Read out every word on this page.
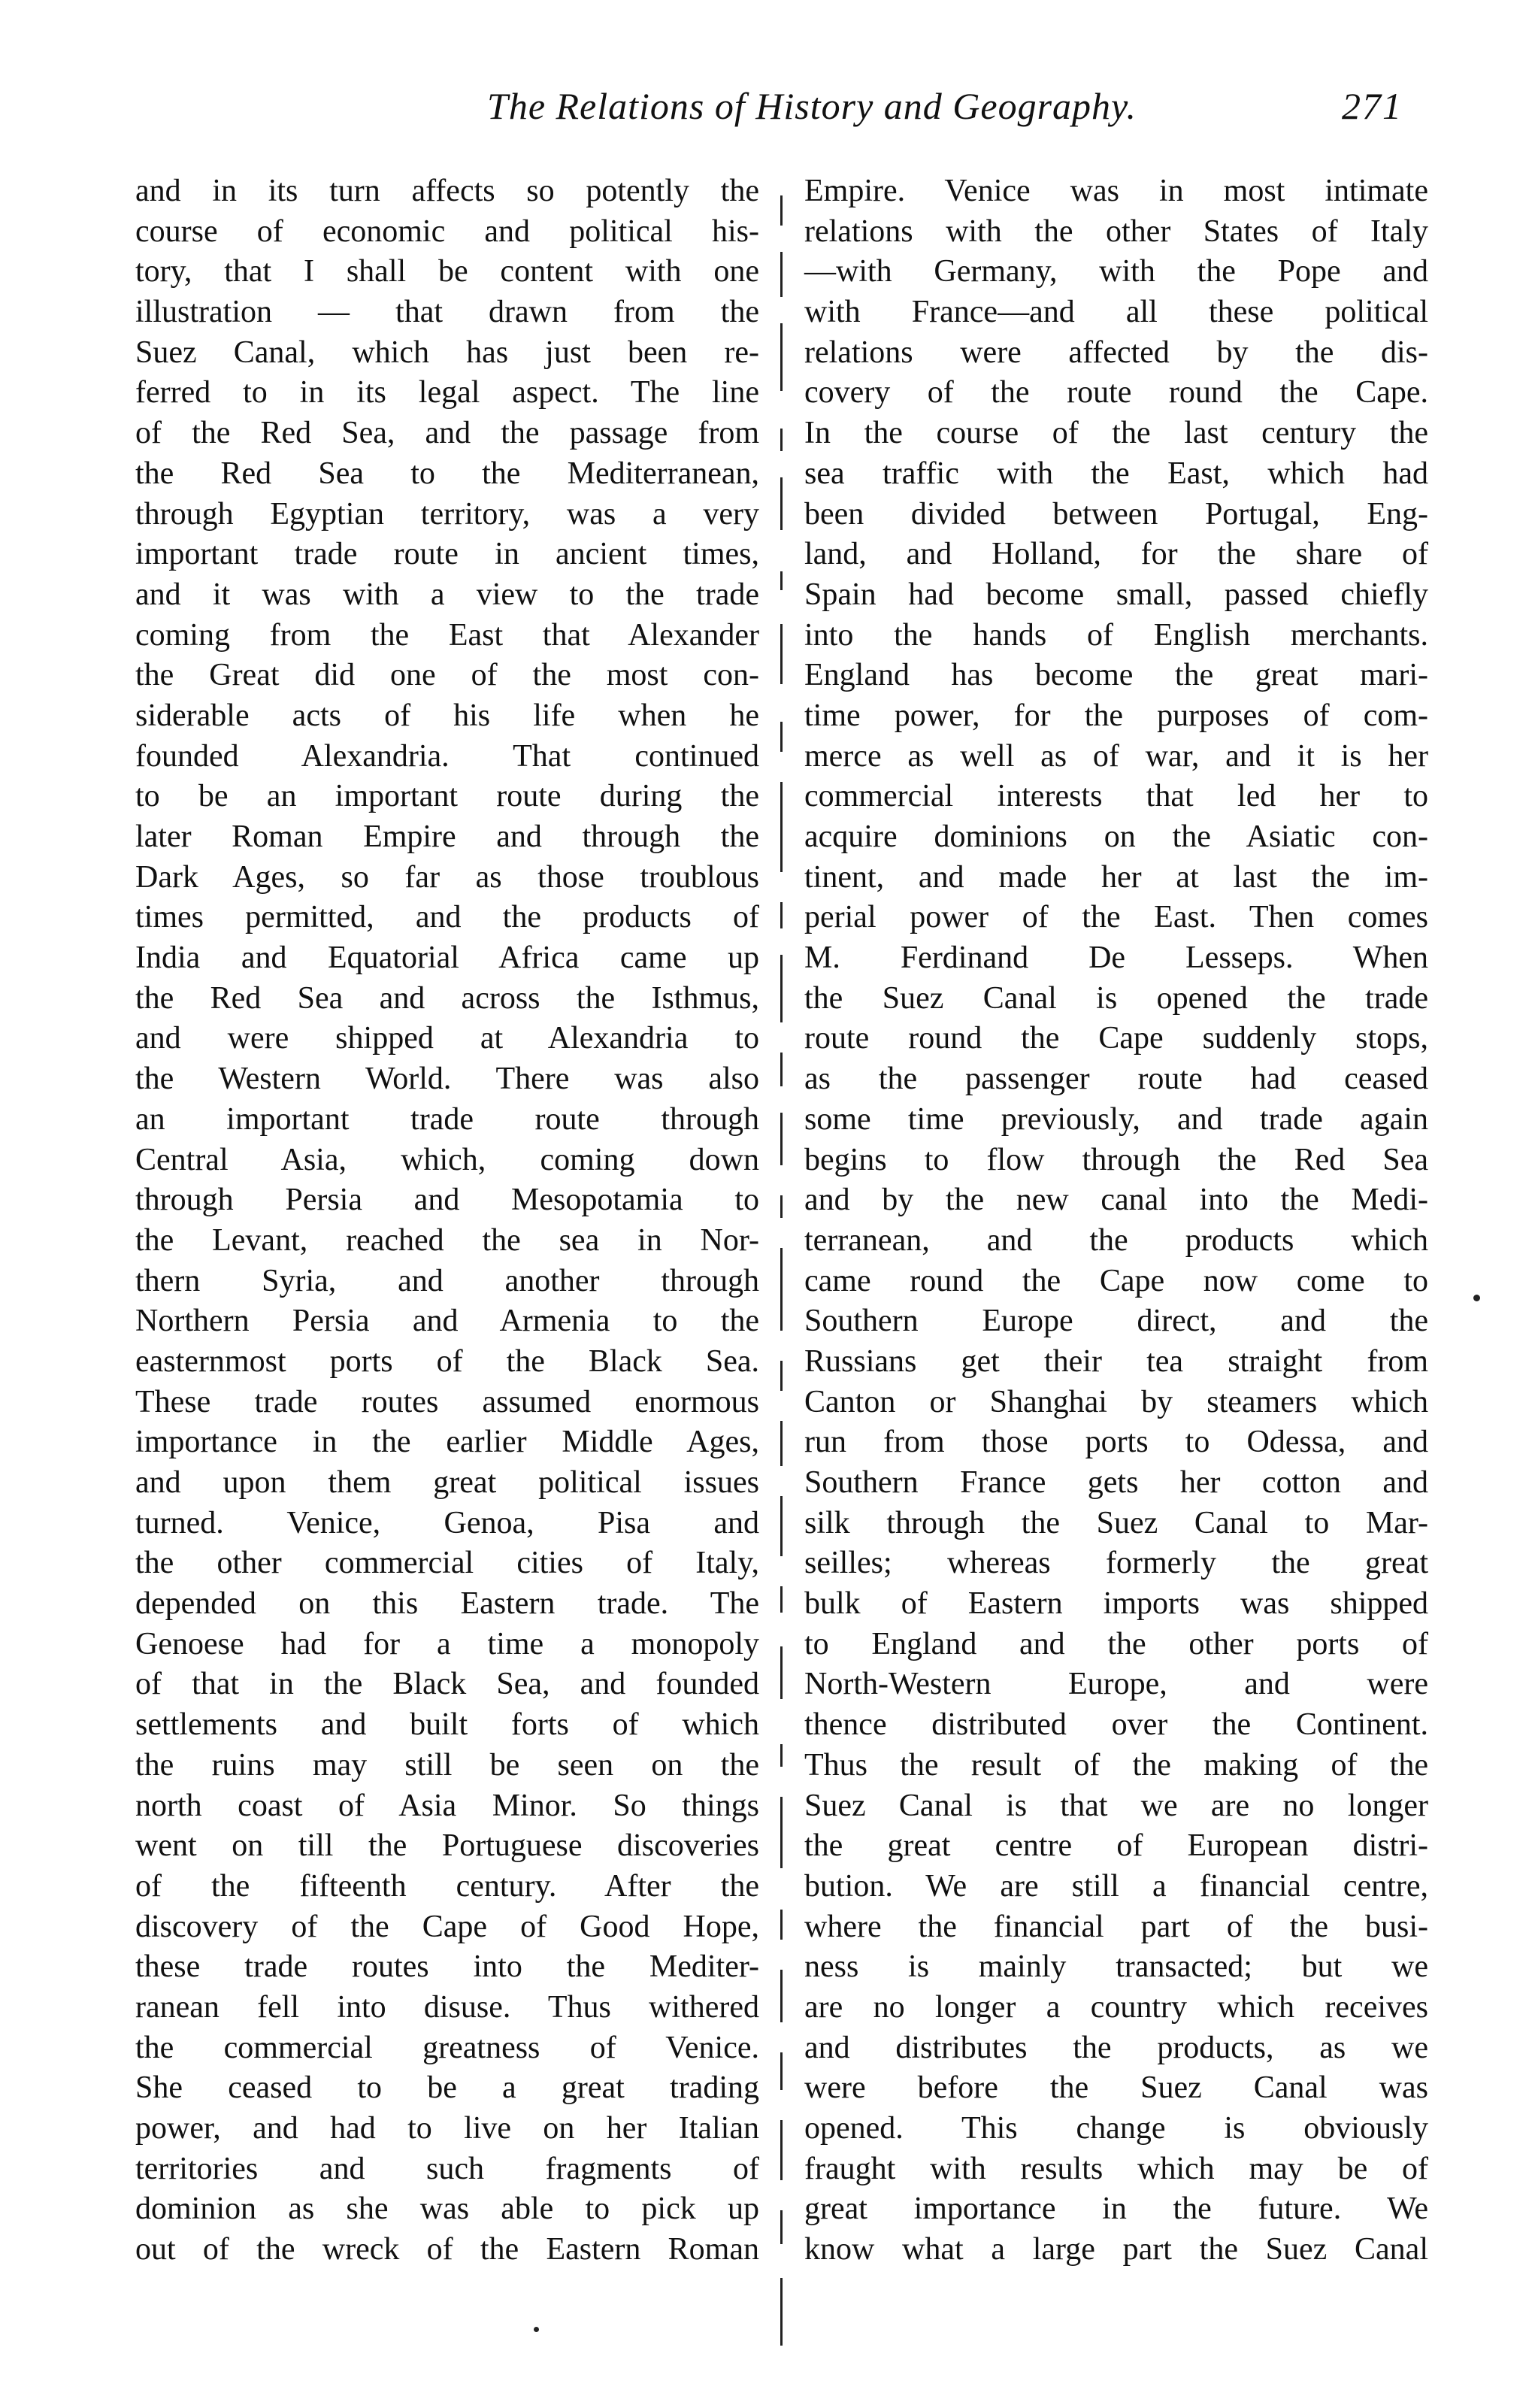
The Relations of History and Geography.	271
and in its turn affects so potently the
course of economic and political his-
tory, that I shall be content with one
illustration — that drawn from the
Suez Canal, which has just been re-
ferred to in its legal aspect. The line
of the Red Sea, and the passage from
the Red Sea to the Mediterranean,
through Egyptian territory, was a very
important trade route in ancient times,
and it was with a view to the trade
coming from the East that Alexander
the Great did one of the most con-
siderable acts of his life when he
founded Alexandria. That continued
to be an important route during the
later Roman Empire and through the
Dark Ages, so far as those troublous
times permitted, and the products of
India and Equatorial Africa came up
the Red Sea and across the Isthmus,
and were shipped at Alexandria to
the Western World. There was also
an important trade route through
Central Asia, which, coming down
through Persia and Mesopotamia to
the Levant, reached the sea in Nor-
thern Syria, and another through
Northern Persia and Armenia to the
easternmost ports of the Black Sea.
These trade routes assumed enormous
importance in the earlier Middle Ages,
and upon them great political issues
turned. Venice, Genoa, Pisa and
the other commercial cities of Italy,
depended on this Eastern trade. The
Genoese had for a time a monopoly
of that in the Black Sea, and founded
settlements and built forts of which
the ruins may still be seen on the
north coast of Asia Minor. So things
went on till the Portuguese discoveries
of the fifteenth century. After the
discovery of the Cape of Good Hope,
these trade routes into the Mediter-
ranean fell into disuse. Thus withered
the commercial greatness of Venice.
She ceased to be a great trading
power, and had to live on her Italian
territories and such fragments of
dominion as she was able to pick up
out of the wreck of the Eastern Roman
Empire. Venice was in most intimate
relations with the other States of Italy
—with Germany, with the Pope and
with France—and all these political
relations were affected by the dis-
covery of the route round the Cape.
In the course of the last century the
sea traffic with the East, which had
been divided between Portugal, Eng-
land, and Holland, for the share of
Spain had become small, passed chiefly
into the hands of English merchants.
England has become the great mari-
time power, for the purposes of com-
merce as well as of war, and it is her
commercial interests that led her to
acquire dominions on the Asiatic con-
tinent, and made her at last the im-
perial power of the East. Then comes
M. Ferdinand De Lesseps. When
the Suez Canal is opened the trade
route round the Cape suddenly stops,
as the passenger route had ceased
some time previously, and trade again
begins to flow through the Red Sea
and by the new canal into the Medi-
terranean, and the products which
came round the Cape now come to
Southern Europe direct, and the
Russians get their tea straight from
Canton or Shanghai by steamers which
run from those ports to Odessa, and
Southern France gets her cotton and
silk through the Suez Canal to Mar-
seilles; whereas formerly the great
bulk of Eastern imports was shipped
to England and the other ports of
North-Western Europe, and were
thence distributed over the Continent.
Thus the result of the making of the
Suez Canal is that we are no longer
the great centre of European distri-
bution. We are still a financial centre,
where the financial part of the busi-
ness is mainly transacted; but we
are no longer a country which receives
and distributes the products, as we
were before the Suez Canal was
opened. This change is obviously
fraught with results which may be of
great importance in the future. We
know what a large part the Suez Canal
